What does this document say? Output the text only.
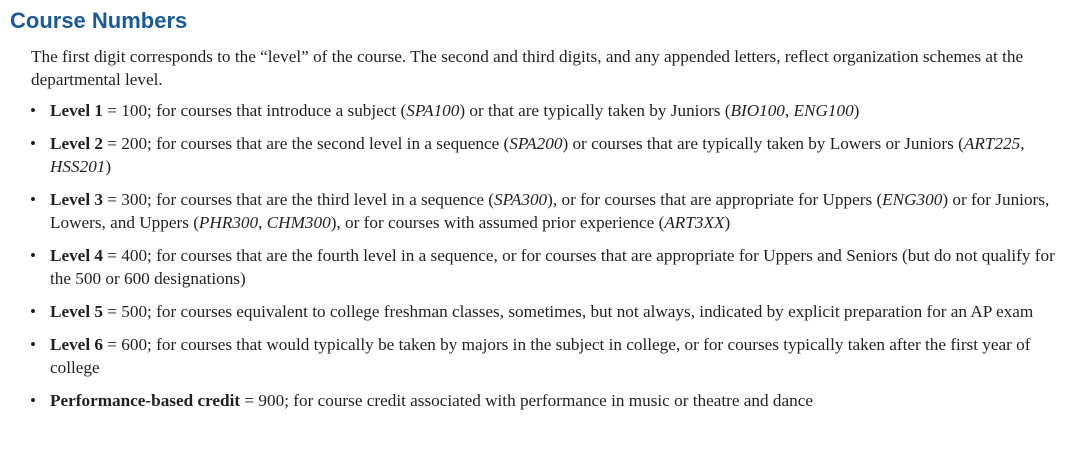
Course Numbers

The first digit corresponds to the “level” of the course. The second and third digits, and any appended letters, reflect organization schemes at the departmental level.

• Level 1 = 100; for courses that introduce a subject (SPA100) or that are typically taken by Juniors (BIO100, ENG100)
• Level 2 = 200; for courses that are the second level in a sequence (SPA200) or courses that are typically taken by Lowers or Juniors (ART225, HSS201)
• Level 3 = 300; for courses that are the third level in a sequence (SPA300), or for courses that are appropriate for Uppers (ENG300) or for Juniors, Lowers, and Uppers (PHR300, CHM300), or for courses with assumed prior experience (ART3XX)
• Level 4 = 400; for courses that are the fourth level in a sequence, or for courses that are appropriate for Uppers and Seniors (but do not qualify for the 500 or 600 designations)
• Level 5 = 500; for courses equivalent to college freshman classes, sometimes, but not always, indicated by explicit preparation for an AP exam
• Level 6 = 600; for courses that would typically be taken by majors in the subject in college, or for courses typically taken after the first year of college
• Performance-based credit = 900; for course credit associated with performance in music or theatre and dance
